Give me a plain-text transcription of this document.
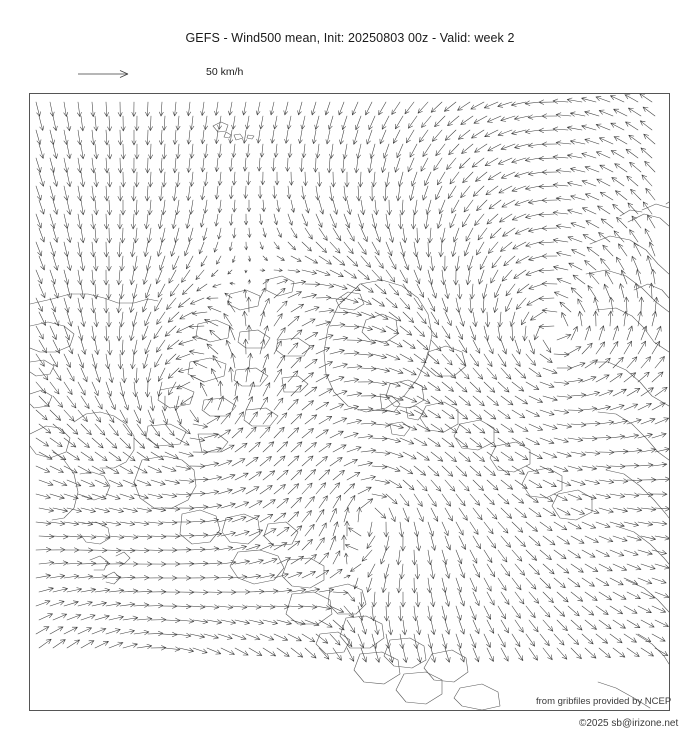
GEFS - Wind500 mean, Init: 20250803 00z - Valid: week 2
50 km/h
from gribfiles provided by NCEP
©2025 sb@irizone.net
